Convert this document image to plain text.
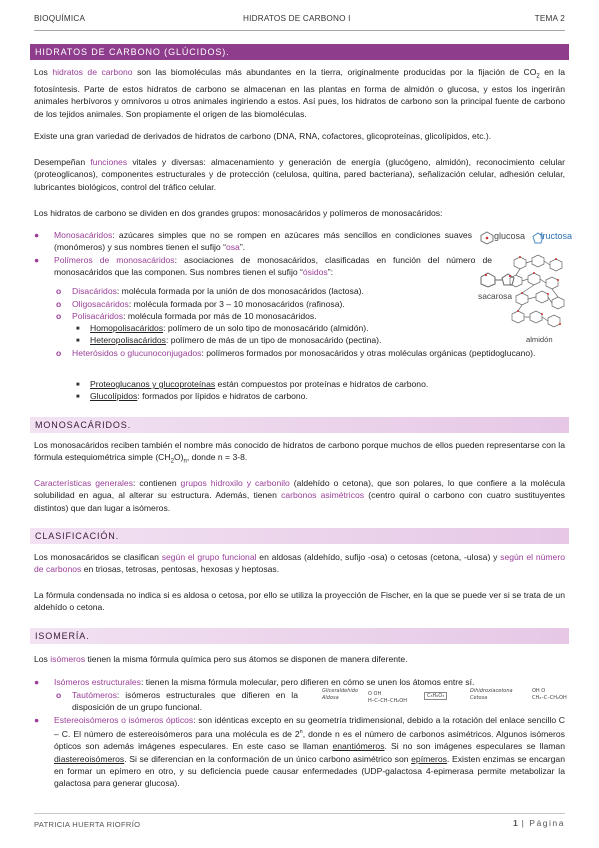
BIOQUÍMICA	HIDRATOS DE CARBONO I	TEMA 2
HIDRATOS DE CARBONO (GLÚCIDOS).

Los hidratos de carbono son las biomoléculas más abundantes en la tierra, originalmente producidas por la fijación de $CO_2$ en la fotosíntesis. Parte de estos hidratos de carbono se almacenan en las plantas en forma de almidón o glucosa, y estos los ingerirán animales herbívoros y omnívoros u otros animales ingiriendo a estos. Así pues, los hidratos de carbono son la principal fuente de carbono de los tejidos animales. Son propiamente el origen de las biomoléculas.

Existe una gran variedad de derivados de hidratos de carbono (DNA, RNA, cofactores, glicoproteínas, glicolípidos, etc.).

Desempeñan funciones vitales y diversas: almacenamiento y generación de energía (glucógeno, almidón), reconocimiento celular (proteoglicanos), componentes estructurales y de protección (celulosa, quitina, pared bacteriana), señalización celular, adhesión celular, lubricantes biológicos, control del tráfico celular.

Los hidratos de carbono se dividen en dos grandes grupos: monosacáridos y polímeros de monosacáridos:

● Monosacáridos: azúcares simples que no se rompen en azúcares más sencillos en condiciones suaves (monómeros) y sus nombres tienen el sufijo “osa”.

● Polímeros de monosacáridos: asociaciones de monosacáridos, clasificadas en función del número de monosacáridos que las componen. Sus nombres tienen el sufijo “ósidos”:

o Disacáridos: molécula formada por la unión de dos monosacáridos (lactosa).

o Oligosacáridos: molécula formada por 3 – 10 monosacáridos (rafinosa).

o Polisacáridos: molécula formada por más de 10 monosacáridos.

■ Homopolisacáridos: polímero de un solo tipo de monosacárido (almidón).

■ Heteropolisacáridos: polímero de más de un tipo de monosacárido (pectina).

o Heterósidos o glucunoconjugados: polímeros formados por monosacáridos y otras moléculas orgánicas (peptidoglucano).

■ Proteoglucanos y glucoproteínas están compuestos por proteínas e hidratos de carbono.

■ Glucolípidos: formados por lípidos e hidratos de carbono.

glucosa fructosa
sacarosa
almidón
MONOSACÁRIDOS.

Los monosacáridos reciben también el nombre más conocido de hidratos de carbono porque muchos de ellos pueden representarse con la fórmula estequiométrica simple $(CH_2O)_n$, donde n = 3-8.

Características generales: contienen grupos hidroxilo y carbonilo (aldehído o cetona), que son polares, lo que confiere a la molécula solubilidad en agua, al alterar su estructura. Además, tienen carbonos asimétricos (centro quiral o carbono con cuatro sustituyentes distintos) que dan lugar a isómeros.

CLASIFICACIÓN.

Los monosacáridos se clasifican según el grupo funcional en aldosas (aldehído, sufijo -osa) o cetosas (cetona, -ulosa) y según el número de carbonos en triosas, tetrosas, pentosas, hexosas y heptosas.

La fórmula condensada no indica si es aldosa o cetosa, por ello se utiliza la proyección de Fischer, en la que se puede ver si se trata de un aldehído o cetona.

ISOMERÍA.

Los isómeros tienen la misma fórmula química pero sus átomos se disponen de manera diferente.

● Isómeros estructurales: tienen la misma fórmula molecular, pero difieren en cómo se unen los átomos entre sí.

o Tautómeros: isómeros estructurales que difieren en la disposición de un grupo funcional.

Gliceraldehído
Aldosa
O OH
H–C–CH–CH₂OH
C₃H₆O₃
Dihidroxiacetona
Cetosa
OH O
CH₂–C–CH₂OH
● Estereoisómeros o isómeros ópticos: son idénticas excepto en su geometría tridimensional, debido a la rotación del enlace sencillo C – C. El número de estereoisómeros para una molécula es de 2$^n$, donde n es el número de carbonos asimétricos. Algunos isómeros ópticos son además imágenes especulares. En este caso se llaman enantiómeros. Si no son imágenes especulares se llaman diastereoisómeros. Si se diferencian en la conformación de un único carbono asimétrico son epímeros. Existen enzimas se encargan en formar un epímero en otro, y su deficiencia puede causar enfermedades (UDP-galactosa 4-epimerasa permite metabolizar la galactosa para generar glucosa).

PATRICIA HUERTA RIOFRÍO	1 | Página
